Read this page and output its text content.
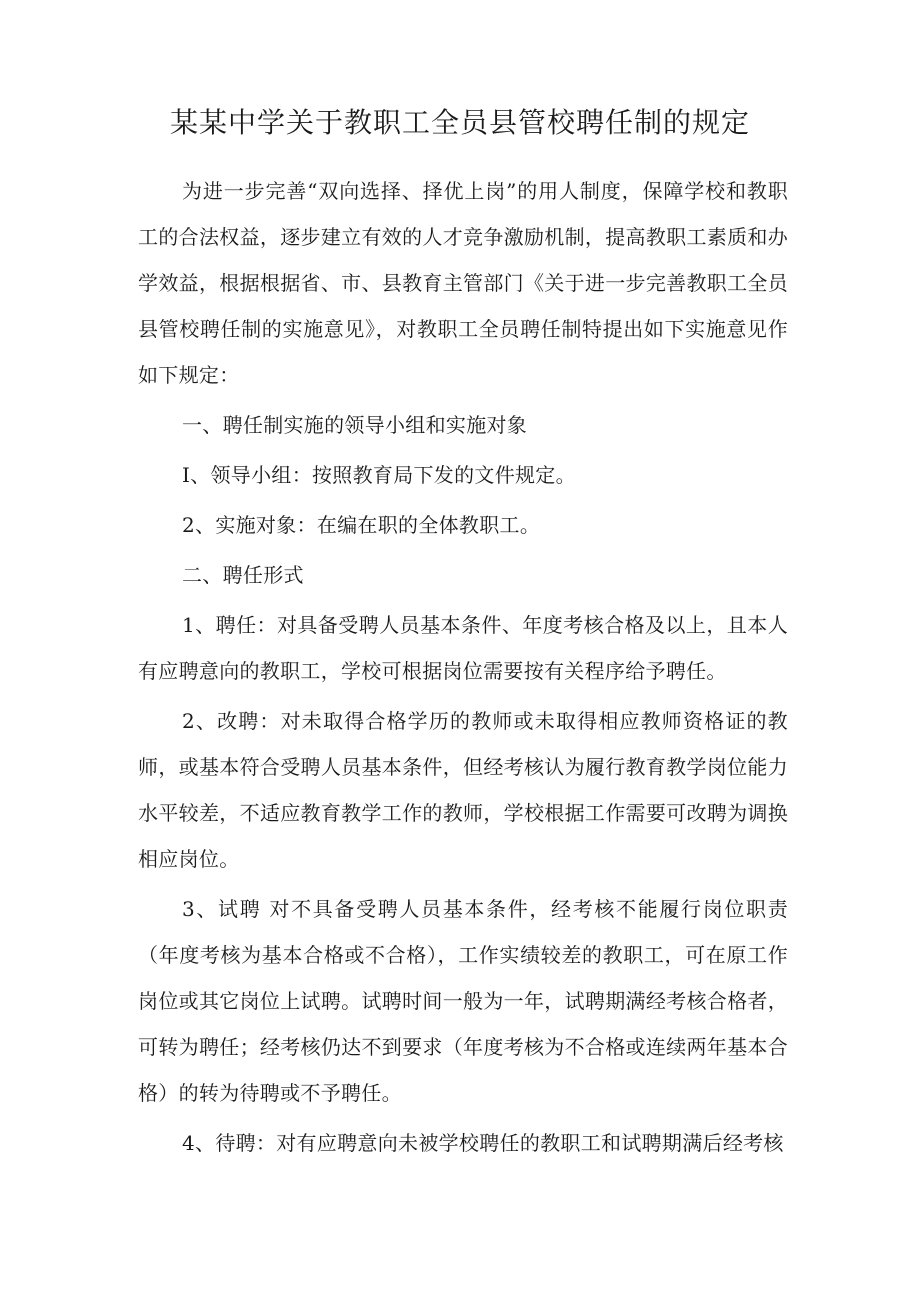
某某中学关于教职工全员县管校聘任制的规定

为进一步完善“双向选择、择优上岗”的用人制度，保障学校和教职工的合法权益，逐步建立有效的人才竞争激励机制，提高教职工素质和办学效益，根据根据省、市、县教育主管部门《关于进一步完善教职工全员县管校聘任制的实施意见》，对教职工全员聘任制特提出如下实施意见作如下规定：

一、聘任制实施的领导小组和实施对象

I、领导小组：按照教育局下发的文件规定。

2、实施对象：在编在职的全体教职工。

二、聘任形式

1、聘任：对具备受聘人员基本条件、年度考核合格及以上，且本人有应聘意向的教职工，学校可根据岗位需要按有关程序给予聘任。

2、改聘：对未取得合格学历的教师或未取得相应教师资格证的教师，或基本符合受聘人员基本条件，但经考核认为履行教育教学岗位能力水平较差，不适应教育教学工作的教师，学校根据工作需要可改聘为调换相应岗位。

3、试聘 对不具备受聘人员基本条件，经考核不能履行岗位职责（年度考核为基本合格或不合格），工作实绩较差的教职工，可在原工作岗位或其它岗位上试聘。试聘时间一般为一年，试聘期满经考核合格者，可转为聘任；经考核仍达不到要求（年度考核为不合格或连续两年基本合格）的转为待聘或不予聘任。

4、待聘：对有应聘意向未被学校聘任的教职工和试聘期满后经考核
